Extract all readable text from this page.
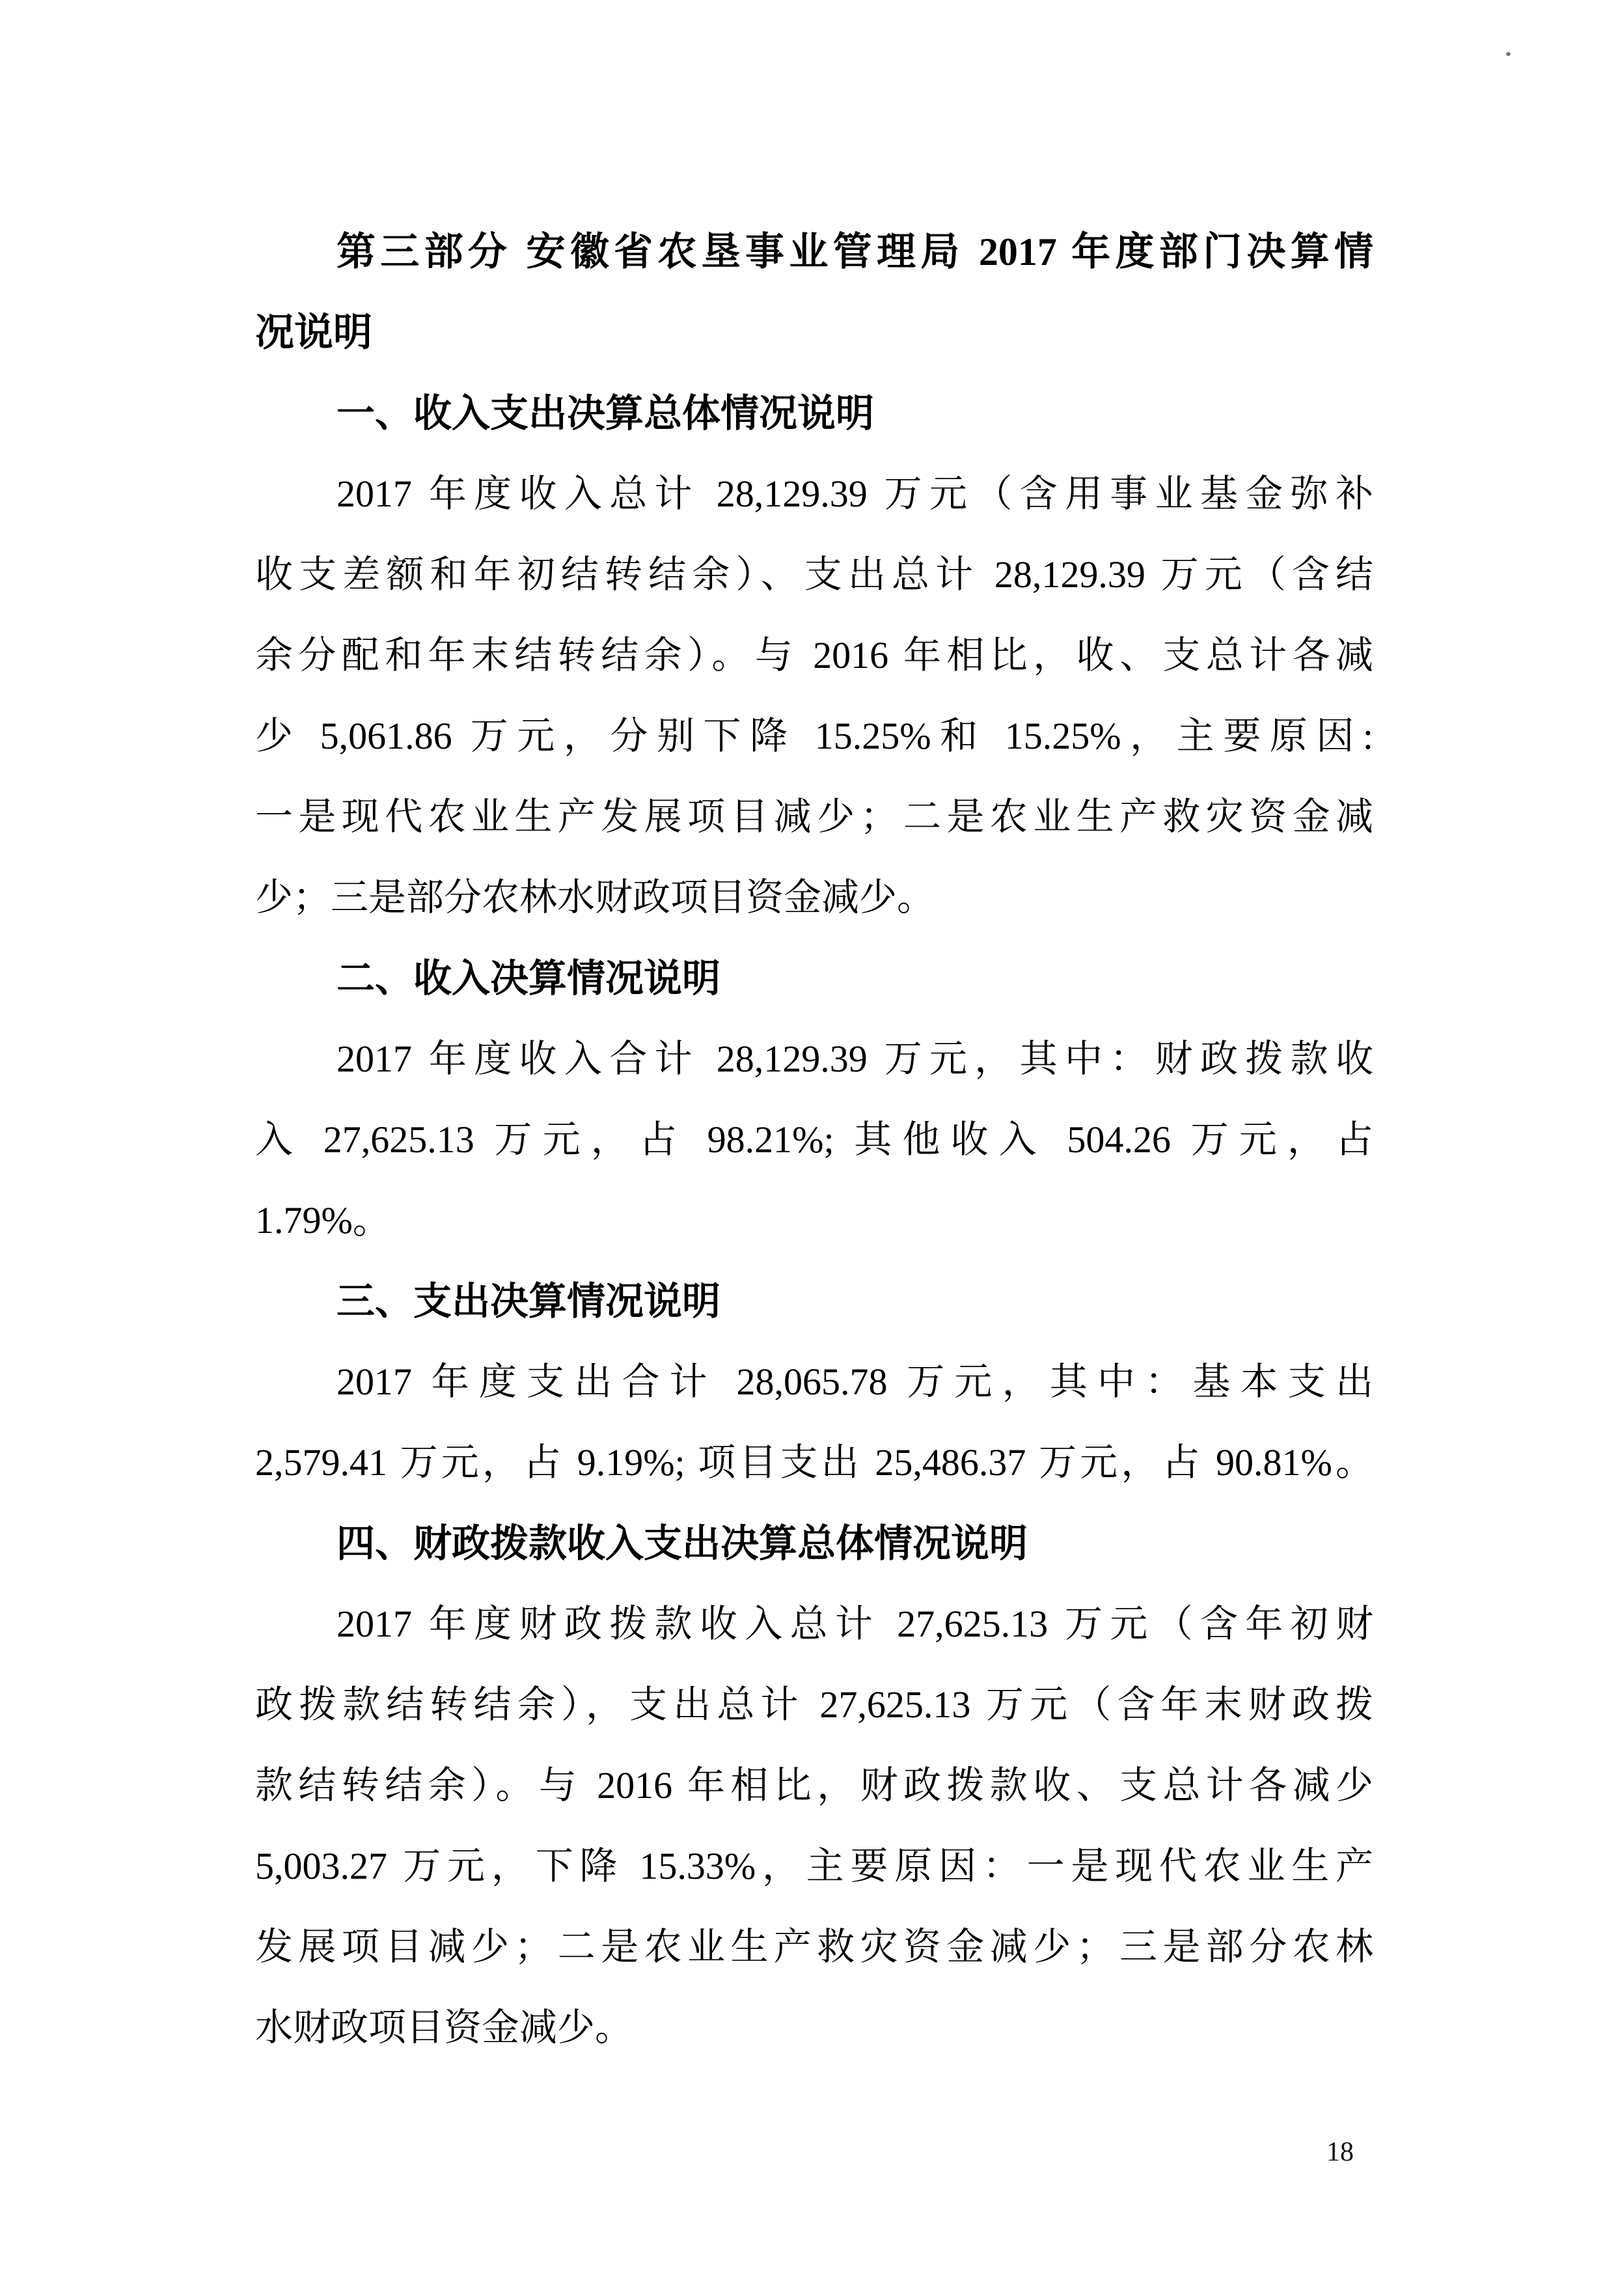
第三部分 安徽省农垦事业管理局 2017 年度部门决算情
况说明
一、收入支出决算总体情况说明
2017 年度收入总计 28,129.39 万元（含用事业基金弥补
收支差额和年初结转结余）、支出总计 28,129.39 万元（含结
余分配和年末结转结余）。与 2016 年相比，收、支总计各减
少 5,061.86 万元，分别下降 15.25%和 15.25%，主要原因:
一是现代农业生产发展项目减少；二是农业生产救灾资金减
少；三是部分农林水财政项目资金减少。
二、收入决算情况说明
2017 年度收入合计 28,129.39 万元，其中：财政拨款收
入 27,625.13 万元，占 98.21%; 其他收入 504.26 万元，占
1.79%。
三、支出决算情况说明
2017 年度支出合计 28,065.78 万元，其中：基本支出
2,579.41 万元，占 9.19%; 项目支出 25,486.37 万元，占 90.81%。
四、财政拨款收入支出决算总体情况说明
2017 年度财政拨款收入总计 27,625.13 万元（含年初财
政拨款结转结余），支出总计 27,625.13 万元（含年末财政拨
款结转结余）。与 2016 年相比，财政拨款收、支总计各减少
5,003.27 万元，下降 15.33%，主要原因：一是现代农业生产
发展项目减少；二是农业生产救灾资金减少；三是部分农林
水财政项目资金减少。
18
